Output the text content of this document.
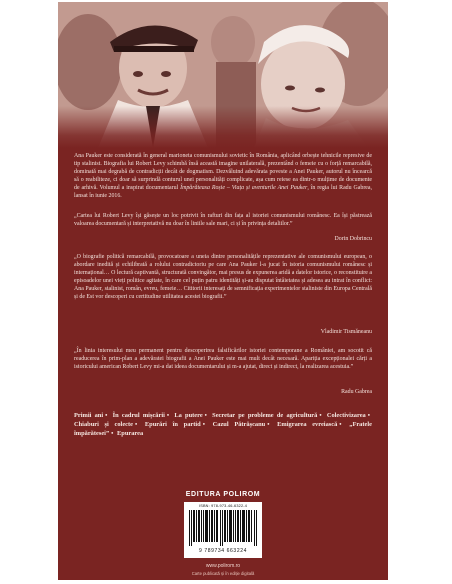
Ana Pauker este considerată în general marioneta comunismului sovietic în România, aplicând orbește tehnicile represive de tip stalinist. Biografia lui Robert Levy schimbă însă această imagine unilaterală, prezentând o femeie cu o forță remarcabilă, dominată mai degrabă de contradicții decât de dogmatism. Dezvăluind adevărata poveste a Anei Pauker, autorul nu încearcă să o reabiliteze, ci doar să surprindă conturul unei personalități complicate, așa cum reiese ea dintr-o mulțime de documente de arhivă. Volumul a inspirat documentarul Împărăteasa Roșie – Viața și aventurile Anei Pauker, în regia lui Radu Gabrea, lansat în iunie 2016.

„Cartea lui Robert Levy își găsește un loc potrivit în rafturi din fața al istoriei comunismului românesc. Ea își păstrează valoarea documentară și interpretativă nu doar în liniile sale mari, ci și în privința detaliilor.”

Dorin Dobrincu

„O biografie politică remarcabilă, provocatoare a uneia dintre personalitățile reprezentative ale comunismului european, o abordare inedită și echilibrată a rolului contradictoriu pe care Ana Pauker l-a jucat în istoria comunismului românesc și internațional… O lectură captivantă, structurată convingător, mai presus de expunerea aridă a datelor istorice, o reconstituire a episoadelor unei vieți politice agitate, în care cel puțin patru identități și-au disputat întâietatea și adesea au intrat în conflict: Ana Pauker, stalinist, român, evreu, femeie… Cititorii interesați de semnificația experimentelor staliniste din Europa Centrală și de Est vor descoperi cu certitudine utilitatea acestei biografii.”

Vladimir Tismăneanu

„În linia interesului meu permanent pentru descoperirea falsificărilor istoriei contemporane a României, am socotit că readucerea în prim-plan a adevăratei biografii a Anei Pauker este mai mult decât necesară. Apariția excepționalei cărți a istoricului american Robert Levy mi-a dat ideea documentarului și m-a ajutat, direct și indirect, la realizarea acestuia.”

Radu Gabrea

Primii ani • În cadrul mișcării • La putere • Secretar pe probleme de agricultură • Colectivizarea • Chiaburi și colecte • Epurări în partid • Cazul Pătrășcanu • Emigrarea evreiască • „Fratele împărătesei” • Epurarea

EDITURA POLIROM
ISBN: 978-973-46-6322-4
9 789734 663224
www.polirom.ro
Carte publicată și în ediție digitală
